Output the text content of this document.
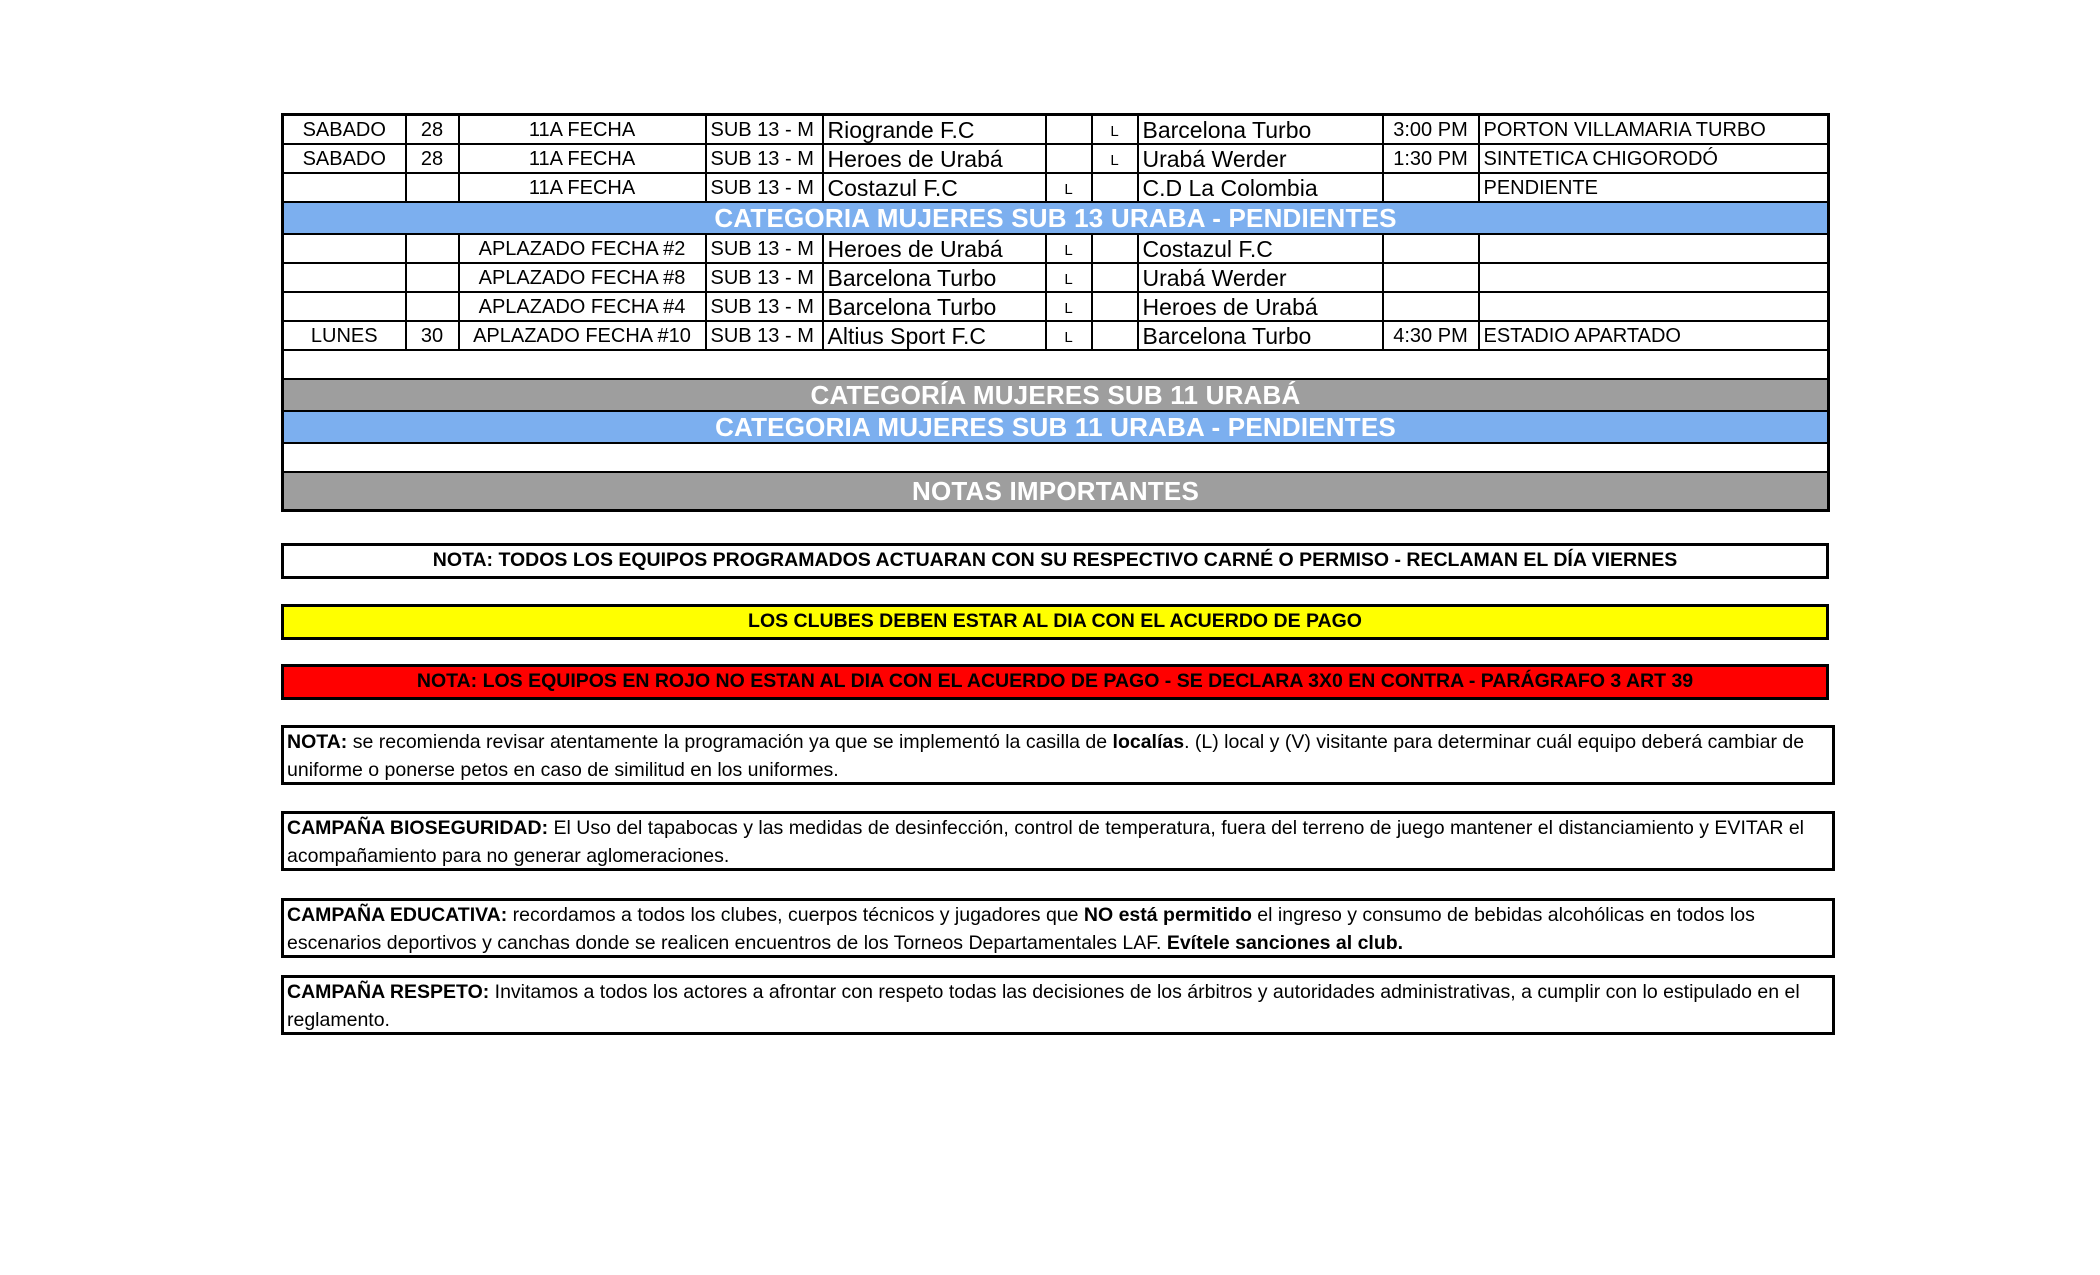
SABADO	28	11A FECHA	SUB 13 - M	Riogrande F.C		L	Barcelona Turbo	3:00 PM	PORTON VILLAMARIA TURBO
SABADO	28	11A FECHA	SUB 13 - M	Heroes de Urabá		L	Urabá Werder	1:30 PM	SINTETICA CHIGORODÓ
		11A FECHA	SUB 13 - M	Costazul F.C	L		C.D La Colombia		PENDIENTE
CATEGORIA MUJERES SUB 13 URABA - PENDIENTES									
		APLAZADO FECHA #2	SUB 13 - M	Heroes de Urabá	L		Costazul F.C		
		APLAZADO FECHA #8	SUB 13 - M	Barcelona Turbo	L		Urabá Werder		
		APLAZADO FECHA #4	SUB 13 - M	Barcelona Turbo	L		Heroes de Urabá		
LUNES	30	APLAZADO FECHA #10	SUB 13 - M	Altius Sport F.C	L		Barcelona Turbo	4:30 PM	ESTADIO APARTADO

CATEGORÍA MUJERES SUB 11 URABÁ									
CATEGORIA MUJERES SUB 11 URABA - PENDIENTES									

NOTAS IMPORTANTES									
NOTA: TODOS LOS EQUIPOS PROGRAMADOS ACTUARAN CON SU RESPECTIVO CARNÉ O PERMISO - RECLAMAN EL DÍA VIERNES
LOS CLUBES DEBEN ESTAR AL DIA CON EL ACUERDO DE PAGO
NOTA: LOS EQUIPOS EN ROJO NO ESTAN AL DIA CON EL ACUERDO DE PAGO - SE DECLARA 3X0 EN CONTRA - PARÁGRAFO 3 ART 39

NOTA: se recomienda revisar atentamente la programación ya que se implementó la casilla de localías. (L) local y (V) visitante para determinar cuál equipo deberá cambiar de uniforme o ponerse petos en caso de similitud en los uniformes.

CAMPAÑA BIOSEGURIDAD: El Uso del tapabocas y las medidas de desinfección, control de temperatura, fuera del terreno de juego mantener el distanciamiento y EVITAR el acompañamiento para no generar aglomeraciones.

CAMPAÑA EDUCATIVA: recordamos a todos los clubes, cuerpos técnicos y jugadores que NO está permitido el ingreso y consumo de bebidas alcohólicas en todos los escenarios deportivos y canchas donde se realicen encuentros de los Torneos Departamentales LAF. Evítele sanciones al club.

CAMPAÑA RESPETO: Invitamos a todos los actores a afrontar con respeto todas las decisiones de los árbitros y autoridades administrativas, a cumplir con lo estipulado en el reglamento.
